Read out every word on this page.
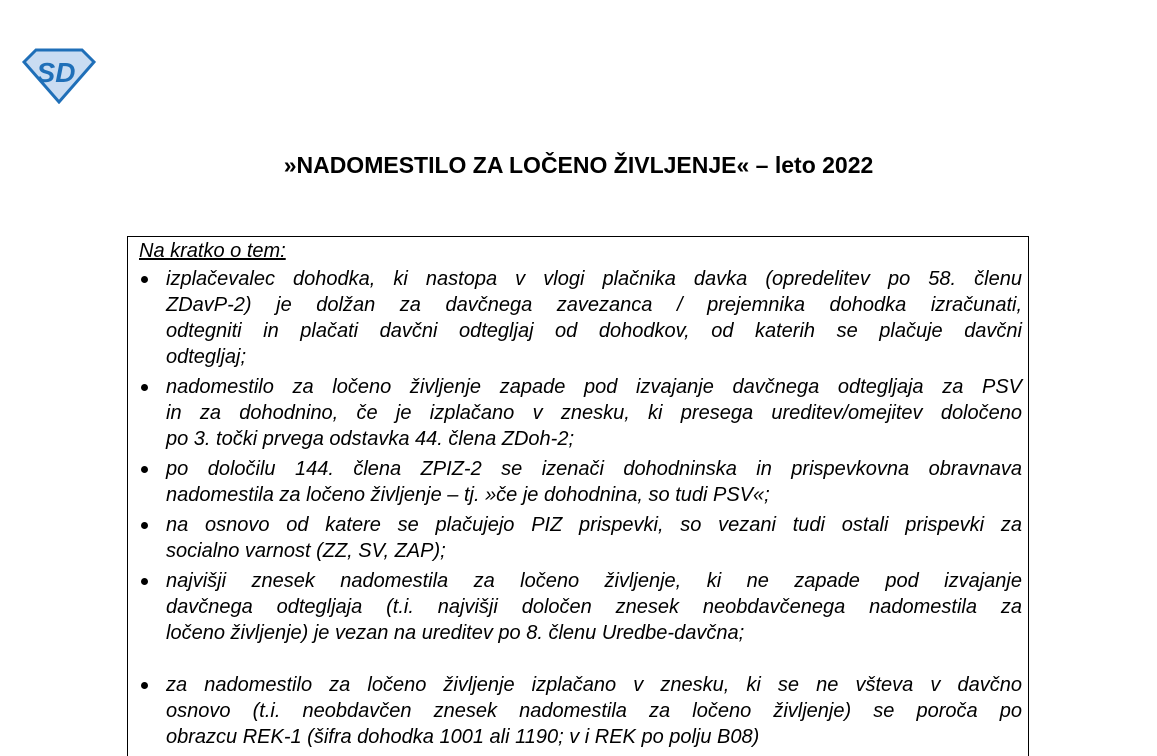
SD
»NADOMESTILO ZA LOČENO ŽIVLJENJE« – leto 2022
Na kratko o tem:
izplačevalec dohodka, ki nastopa v vlogi plačnika davka (opredelitev po 58. členu
ZDavP-2) je dolžan za davčnega zavezanca / prejemnika dohodka izračunati,
odtegniti in plačati davčni odtegljaj od dohodkov, od katerih se plačuje davčni
odtegljaj;
nadomestilo za ločeno življenje zapade pod izvajanje davčnega odtegljaja za PSV
in za dohodnino, če je izplačano v znesku, ki presega ureditev/omejitev določeno
po 3. točki prvega odstavka 44. člena ZDoh-2;
po določilu 144. člena ZPIZ-2 se izenači dohodninska in prispevkovna obravnava
nadomestila za ločeno življenje – tj. »če je dohodnina, so tudi PSV«;
na osnovo od katere se plačujejo PIZ prispevki, so vezani tudi ostali prispevki za
socialno varnost (ZZ, SV, ZAP);
najvišji znesek nadomestila za ločeno življenje, ki ne zapade pod izvajanje
davčnega odtegljaja (t.i. najvišji določen znesek neobdavčenega nadomestila za
ločeno življenje) je vezan na ureditev po 8. členu Uredbe-davčna;
za nadomestilo za ločeno življenje izplačano v znesku, ki se ne všteva v davčno
osnovo (t.i. neobdavčen znesek nadomestila za ločeno življenje) se poroča po
obrazcu REK-1 (šifra dohodka 1001 ali 1190; v i REK po polju B08)
